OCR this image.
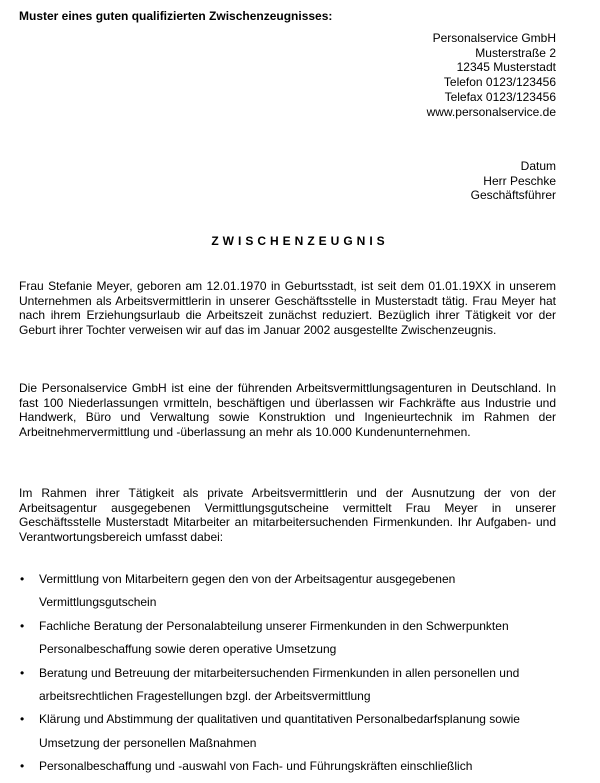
Muster eines guten qualifizierten Zwischenzeugnisses:
Personalservice GmbH
Musterstraße 2
12345 Musterstadt
Telefon 0123/123456
Telefax 0123/123456
www.personalservice.de
Datum
Herr Peschke
Geschäftsführer
ZWISCHENZEUGNIS

Frau Stefanie Meyer, geboren am 12.01.1970 in Geburtsstadt, ist seit dem 01.01.19XX in unserem Unternehmen als Arbeitsvermittlerin in unserer Geschäftsstelle in Musterstadt tätig. Frau Meyer hat nach ihrem Erziehungsurlaub die Arbeitszeit zunächst reduziert. Bezüglich ihrer Tätigkeit vor der Geburt ihrer Tochter verweisen wir auf das im Januar 2002 ausgestellte Zwischenzeugnis.

Die Personalservice GmbH ist eine der führenden Arbeitsvermittlungsagenturen in Deutschland. In fast 100 Niederlassungen vrmitteln, beschäftigen und überlassen wir Fachkräfte aus Industrie und Handwerk, Büro und Verwaltung sowie Konstruktion und Ingenieurtechnik im Rahmen der Arbeitnehmervermittlung und -überlassung an mehr als 10.000 Kundenunternehmen.

Im Rahmen ihrer Tätigkeit als private Arbeitsvermittlerin und der Ausnutzung der von der Arbeitsagentur ausgegebenen Vermittlungsgutscheine vermittelt Frau Meyer in unserer Geschäftsstelle Musterstadt Mitarbeiter an mitarbeitersuchenden Firmenkunden. Ihr Aufgaben- und Verantwortungsbereich umfasst dabei:

• Vermittlung von Mitarbeitern gegen den von der Arbeitsagentur ausgegebenen Vermittlungsgutschein
• Fachliche Beratung der Personalabteilung unserer Firmenkunden in den Schwerpunkten Personalbeschaffung sowie deren operative Umsetzung
• Beratung und Betreuung der mitarbeitersuchenden Firmenkunden in allen personellen und arbeitsrechtlichen Fragestellungen bzgl. der Arbeitsvermittlung
• Klärung und Abstimmung der qualitativen und quantitativen Personalbedarfsplanung sowie Umsetzung der personellen Maßnahmen
• Personalbeschaffung und -auswahl von Fach- und Führungskräften einschließlich
